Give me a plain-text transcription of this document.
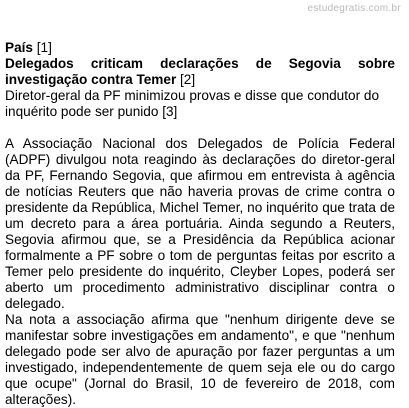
estudegratis.com.br

País [1]

Delegados criticam declarações de Segovia sobre investigação contra Temer [2]

Diretor-geral da PF minimizou provas e disse que condutor do inquérito pode ser punido [3]

A Associação Nacional dos Delegados de Polícia Federal (ADPF) divulgou nota reagindo às declarações do diretor-geral da PF, Fernando Segovia, que afirmou em entrevista à agência de notícias Reuters que não haveria provas de crime contra o presidente da República, Michel Temer, no inquérito que trata de um decreto para a área portuária. Ainda segundo a Reuters, Segovia afirmou que, se a Presidência da República acionar formalmente a PF sobre o tom de perguntas feitas por escrito a Temer pelo presidente do inquérito, Cleyber Lopes, poderá ser aberto um procedimento administrativo disciplinar contra o delegado.

Na nota a associação afirma que "nenhum dirigente deve se manifestar sobre investigações em andamento", e que "nenhum delegado pode ser alvo de apuração por fazer perguntas a um investigado, independentemente de quem seja ele ou do cargo que ocupe" (Jornal do Brasil, 10 de fevereiro de 2018, com alterações).
